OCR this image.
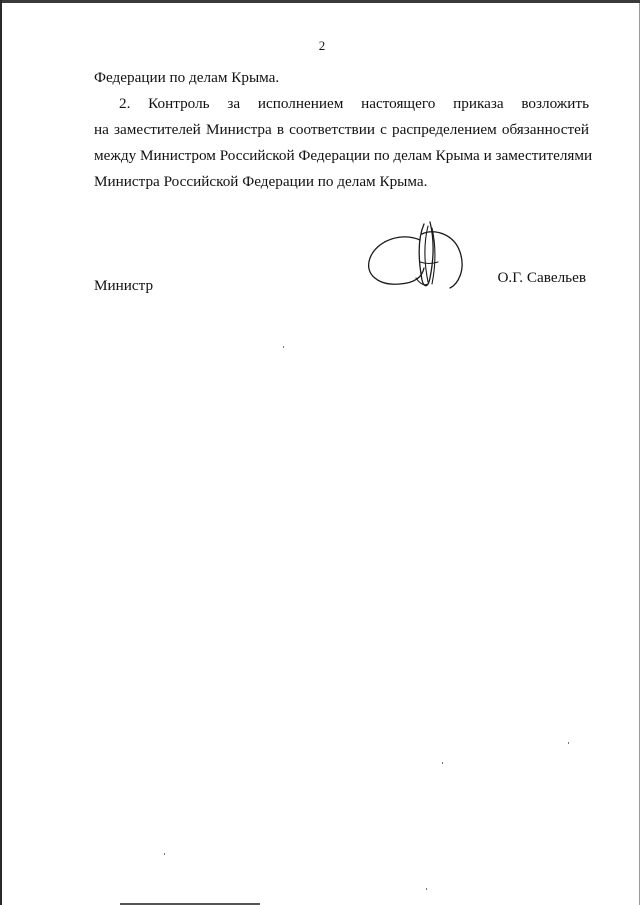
2
Федерации по делам Крыма.
2. Контроль за исполнением настоящего приказа возложить
на заместителей Министра в соответствии с распределением обязанностей
между Министром Российской Федерации по делам Крыма и заместителями
Министра Российской Федерации по делам Крыма.
Министр	О.Г. Савельев
